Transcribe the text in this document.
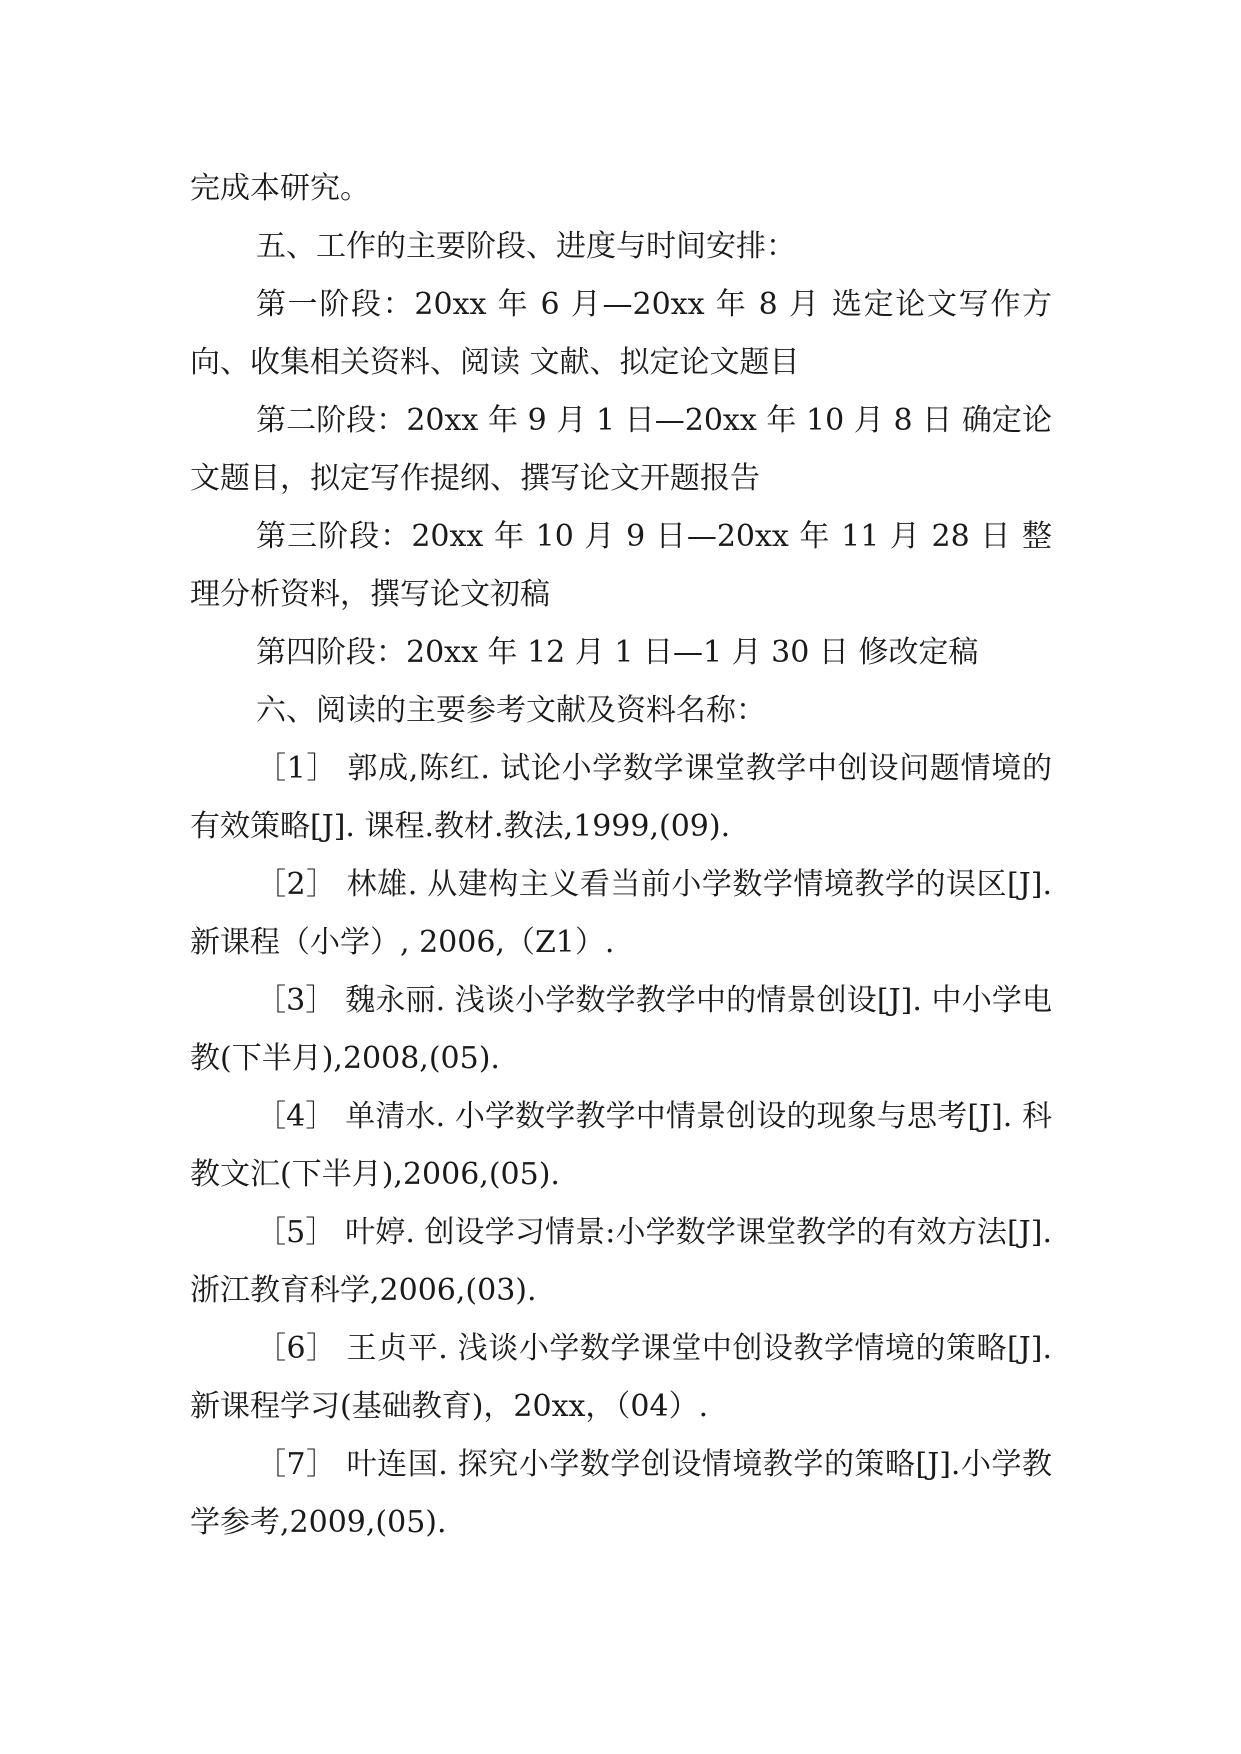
完成本研究。

五、工作的主要阶段、进度与时间安排：

第一阶段：20xx 年 6 月—20xx 年 8 月 选定论文写作方向、收集相关资料、阅读 文献、拟定论文题目

第二阶段：20xx 年 9 月 1 日—20xx 年 10 月 8 日 确定论文题目，拟定写作提纲、撰写论文开题报告

第三阶段：20xx 年 10 月 9 日—20xx 年 11 月 28 日 整理分析资料，撰写论文初稿

第四阶段：20xx 年 12 月 1 日—1 月 30 日 修改定稿

六、阅读的主要参考文献及资料名称：

［1］ 郭成,陈红. 试论小学数学课堂教学中创设问题情境的有效策略[J]. 课程.教材.教法,1999,(09).

［2］ 林雄. 从建构主义看当前小学数学情境教学的误区[J]. 新课程（小学）, 2006,（Z1）.

［3］ 魏永丽. 浅谈小学数学教学中的情景创设[J]. 中小学电教(下半月),2008,(05).

［4］ 单清水. 小学数学教学中情景创设的现象与思考[J]. 科教文汇(下半月),2006,(05).

［5］ 叶婷. 创设学习情景:小学数学课堂教学的有效方法[J]. 浙江教育科学,2006,(03).

［6］ 王贞平. 浅谈小学数学课堂中创设教学情境的策略[J].新课程学习(基础教育)，20xx，（04）.

［7］ 叶连国. 探究小学数学创设情境教学的策略[J].小学教学参考,2009,(05).
